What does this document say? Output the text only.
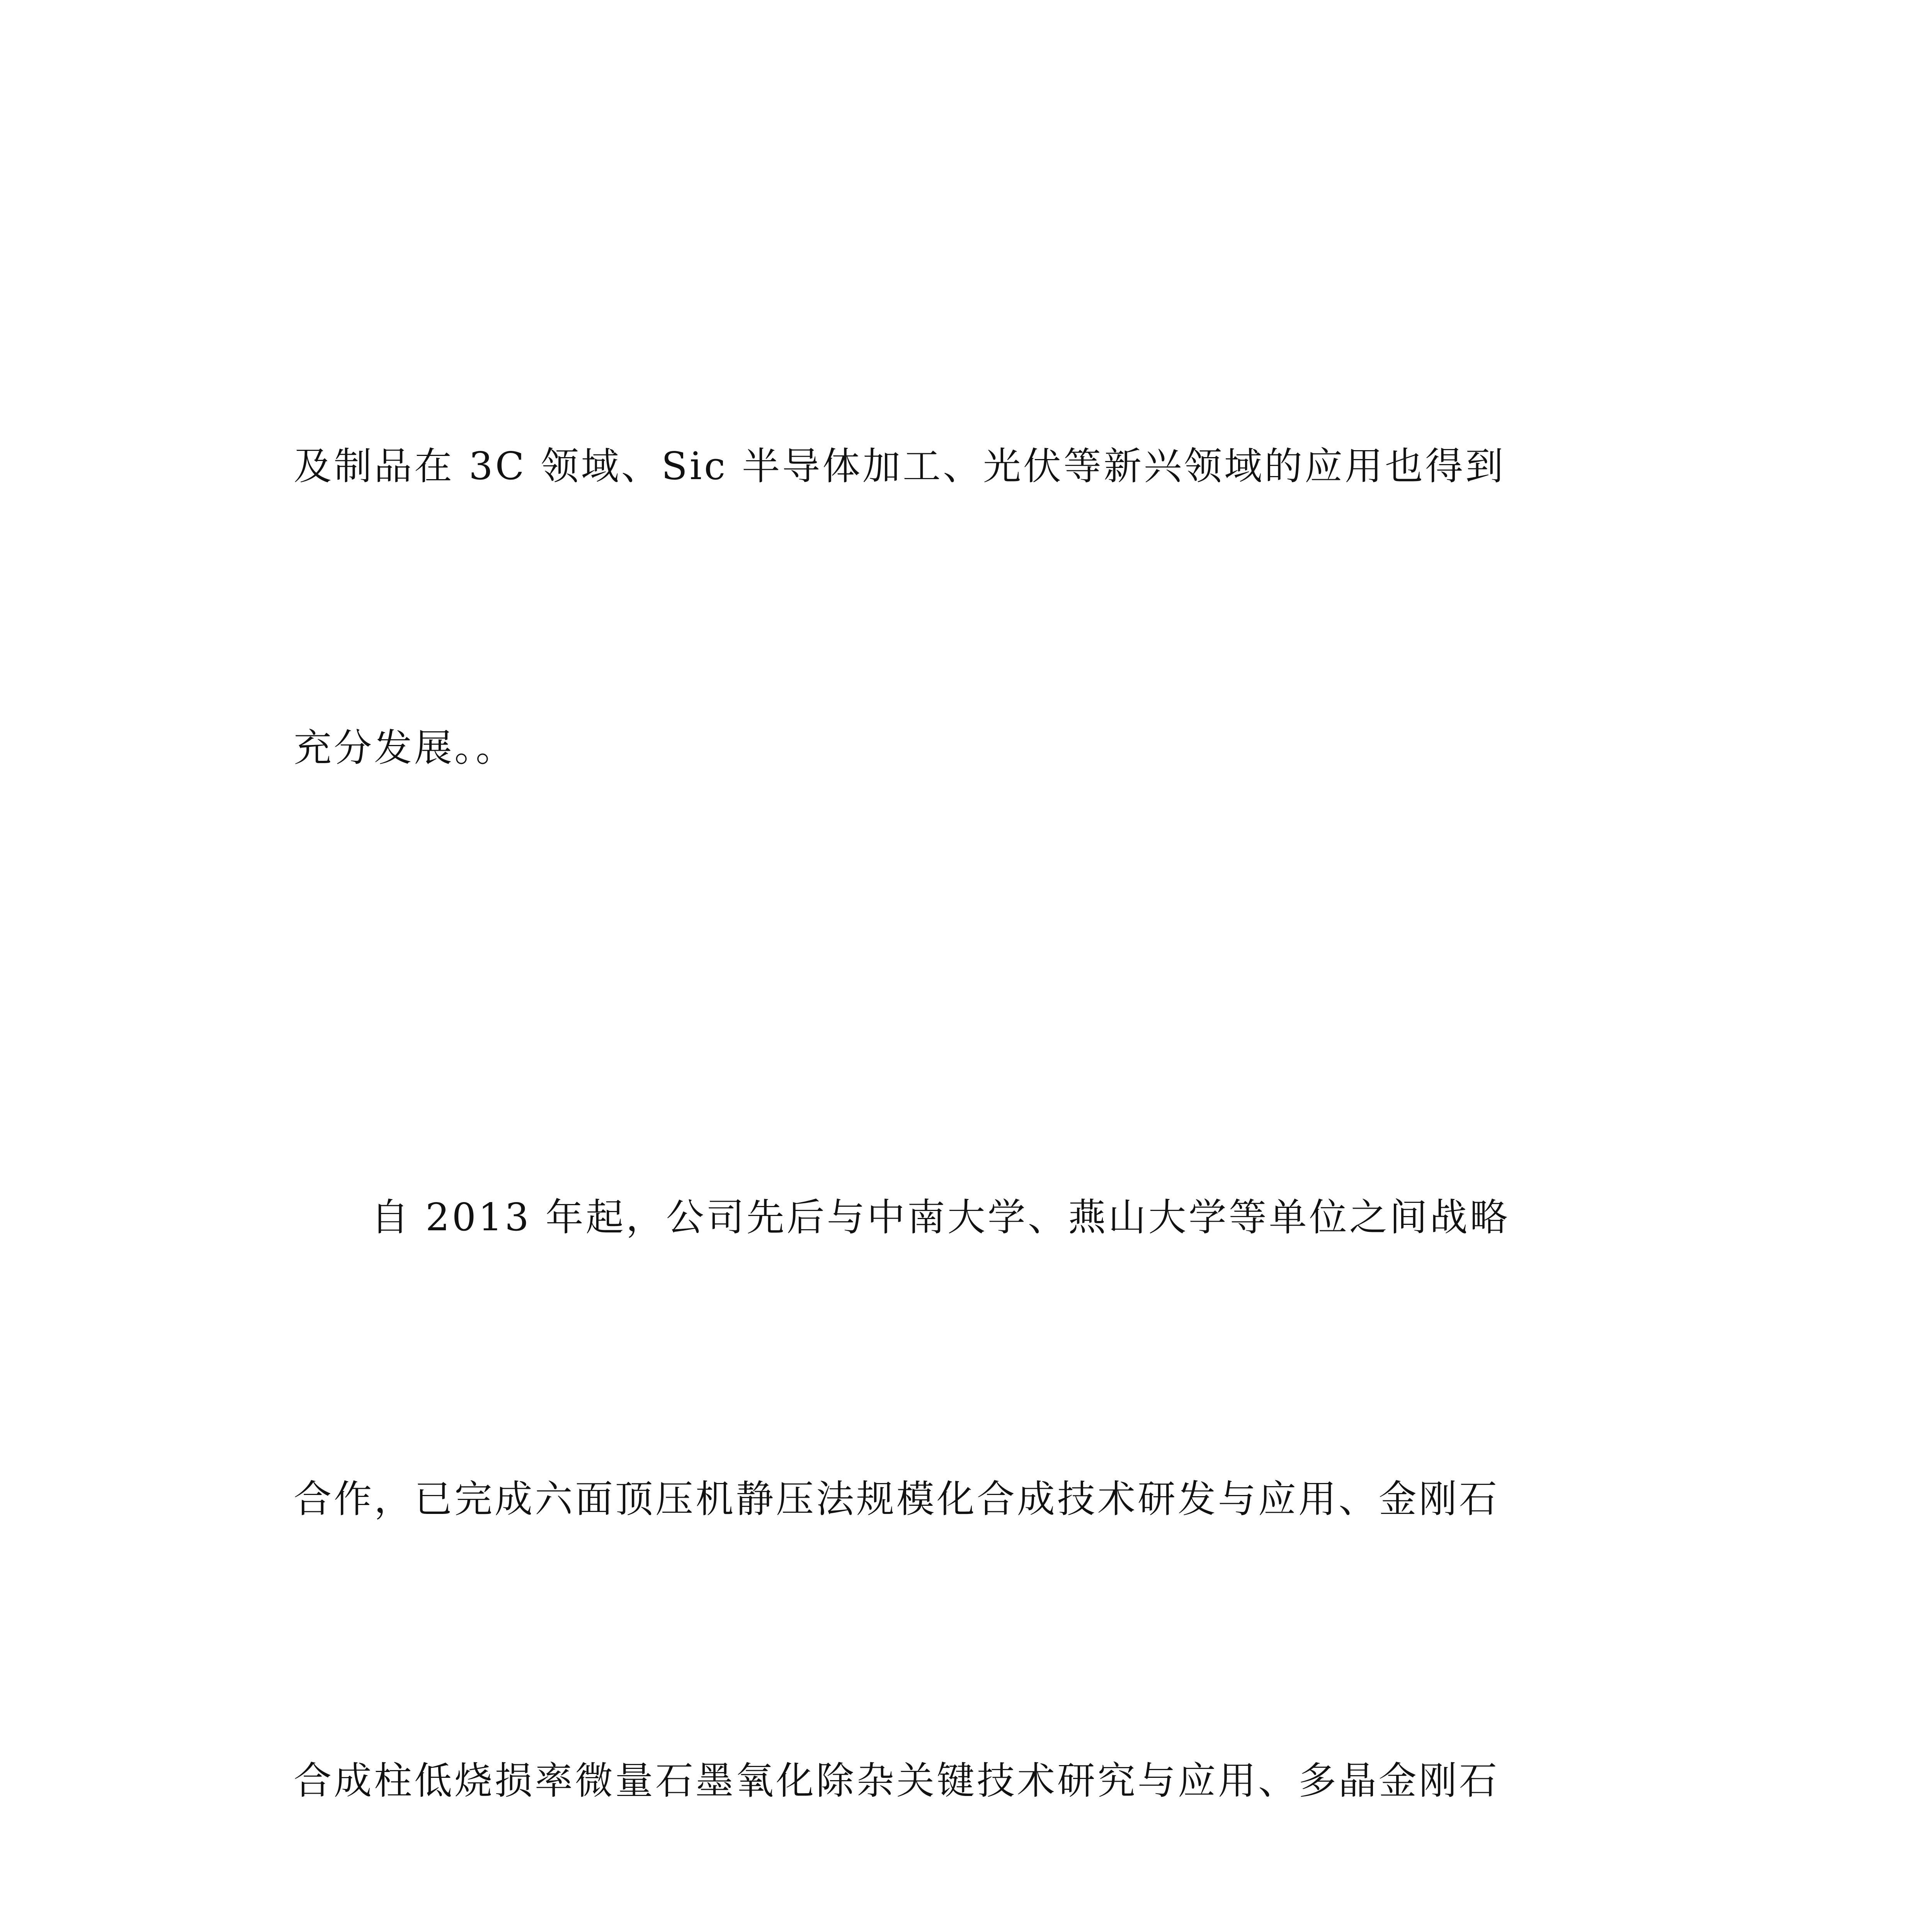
及制品在 3C 领域、Sic 半导体加工、光伏等新兴领域的应用也得到

充分发展。。

自 2013 年起，公司先后与中南大学、燕山大学等单位之间战略

合作，已完成六面顶压机静压法规模化合成技术研发与应用、金刚石

合成柱低烧损率微量石墨氧化除杂关键技术研究与应用、多晶金刚石
